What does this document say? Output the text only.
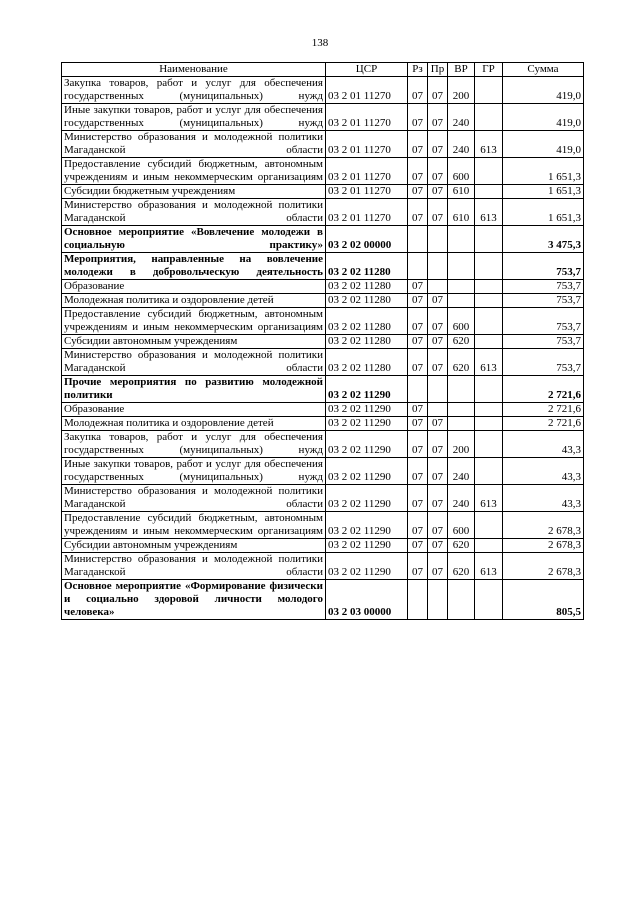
138
Наименование	ЦСР	Рз	Пр	ВР	ГР	Сумма
Закупка товаров, работ и услуг для обеспечения государственных (муниципальных) нужд	03 2 01 11270	07	07	200		419,0
Иные закупки товаров, работ и услуг для обеспечения государственных (муниципальных) нужд	03 2 01 11270	07	07	240		419,0
Министерство образования и молодежной политики Магаданской области	03 2 01 11270	07	07	240	613	419,0
Предоставление субсидий бюджетным, автономным учреждениям и иным некоммерческим организациям	03 2 01 11270	07	07	600		1 651,3
Субсидии бюджетным учреждениям	03 2 01 11270	07	07	610		1 651,3
Министерство образования и молодежной политики Магаданской области	03 2 01 11270	07	07	610	613	1 651,3
Основное мероприятие «Вовлечение молодежи в социальную практику»	03 2 02 00000					3 475,3
Мероприятия, направленные на вовлечение молодежи в добровольческую деятельность	03 2 02 11280					753,7
Образование	03 2 02 11280	07				753,7
Молодежная политика и оздоровление детей	03 2 02 11280	07	07			753,7
Предоставление субсидий бюджетным, автономным учреждениям и иным некоммерческим организациям	03 2 02 11280	07	07	600		753,7
Субсидии автономным учреждениям	03 2 02 11280	07	07	620		753,7
Министерство образования и молодежной политики Магаданской области	03 2 02 11280	07	07	620	613	753,7
Прочие мероприятия по развитию молодежной политики	03 2 02 11290					2 721,6
Образование	03 2 02 11290	07				2 721,6
Молодежная политика и оздоровление детей	03 2 02 11290	07	07			2 721,6
Закупка товаров, работ и услуг для обеспечения государственных (муниципальных) нужд	03 2 02 11290	07	07	200		43,3
Иные закупки товаров, работ и услуг для обеспечения государственных (муниципальных) нужд	03 2 02 11290	07	07	240		43,3
Министерство образования и молодежной политики Магаданской области	03 2 02 11290	07	07	240	613	43,3
Предоставление субсидий бюджетным, автономным учреждениям и иным некоммерческим организациям	03 2 02 11290	07	07	600		2 678,3
Субсидии автономным учреждениям	03 2 02 11290	07	07	620		2 678,3
Министерство образования и молодежной политики Магаданской области	03 2 02 11290	07	07	620	613	2 678,3
Основное мероприятие «Формирование физически и социально здоровой личности молодого человека»	03 2 03 00000					805,5
